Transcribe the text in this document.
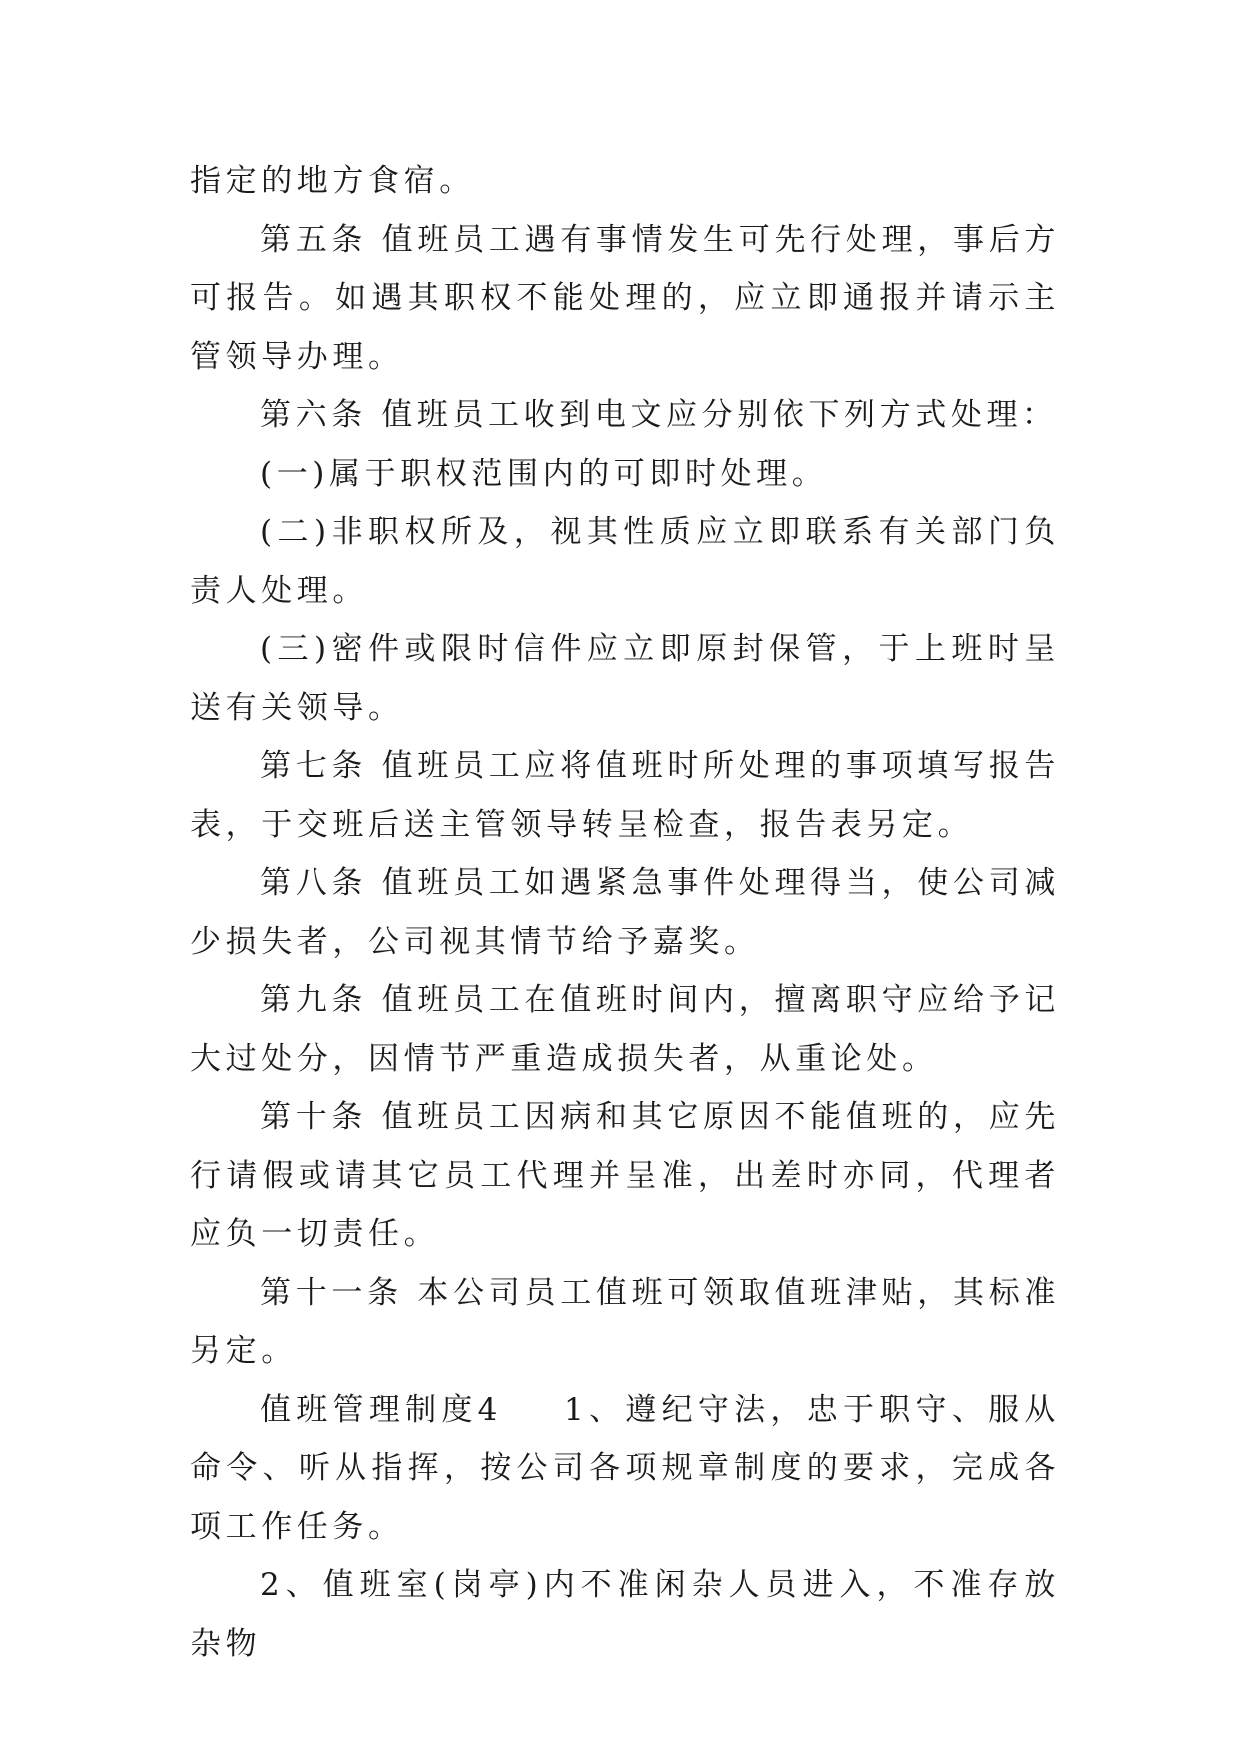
指定的地方食宿。

第五条 值班员工遇有事情发生可先行处理，事后方可报告。如遇其职权不能处理的，应立即通报并请示主管领导办理。

第六条 值班员工收到电文应分别依下列方式处理：

(一)属于职权范围内的可即时处理。

(二)非职权所及，视其性质应立即联系有关部门负责人处理。

(三)密件或限时信件应立即原封保管，于上班时呈送有关领导。

第七条 值班员工应将值班时所处理的事项填写报告表，于交班后送主管领导转呈检查，报告表另定。

第八条 值班员工如遇紧急事件处理得当，使公司减少损失者，公司视其情节给予嘉奖。

第九条 值班员工在值班时间内，擅离职守应给予记大过处分，因情节严重造成损失者，从重论处。

第十条 值班员工因病和其它原因不能值班的，应先行请假或请其它员工代理并呈准，出差时亦同，代理者应负一切责任。

第十一条 本公司员工值班可领取值班津贴，其标准另定。

值班管理制度4 1、遵纪守法，忠于职守、服从命令、听从指挥，按公司各项规章制度的要求，完成各项工作任务。

2、值班室(岗亭)内不准闲杂人员进入，不准存放杂物
